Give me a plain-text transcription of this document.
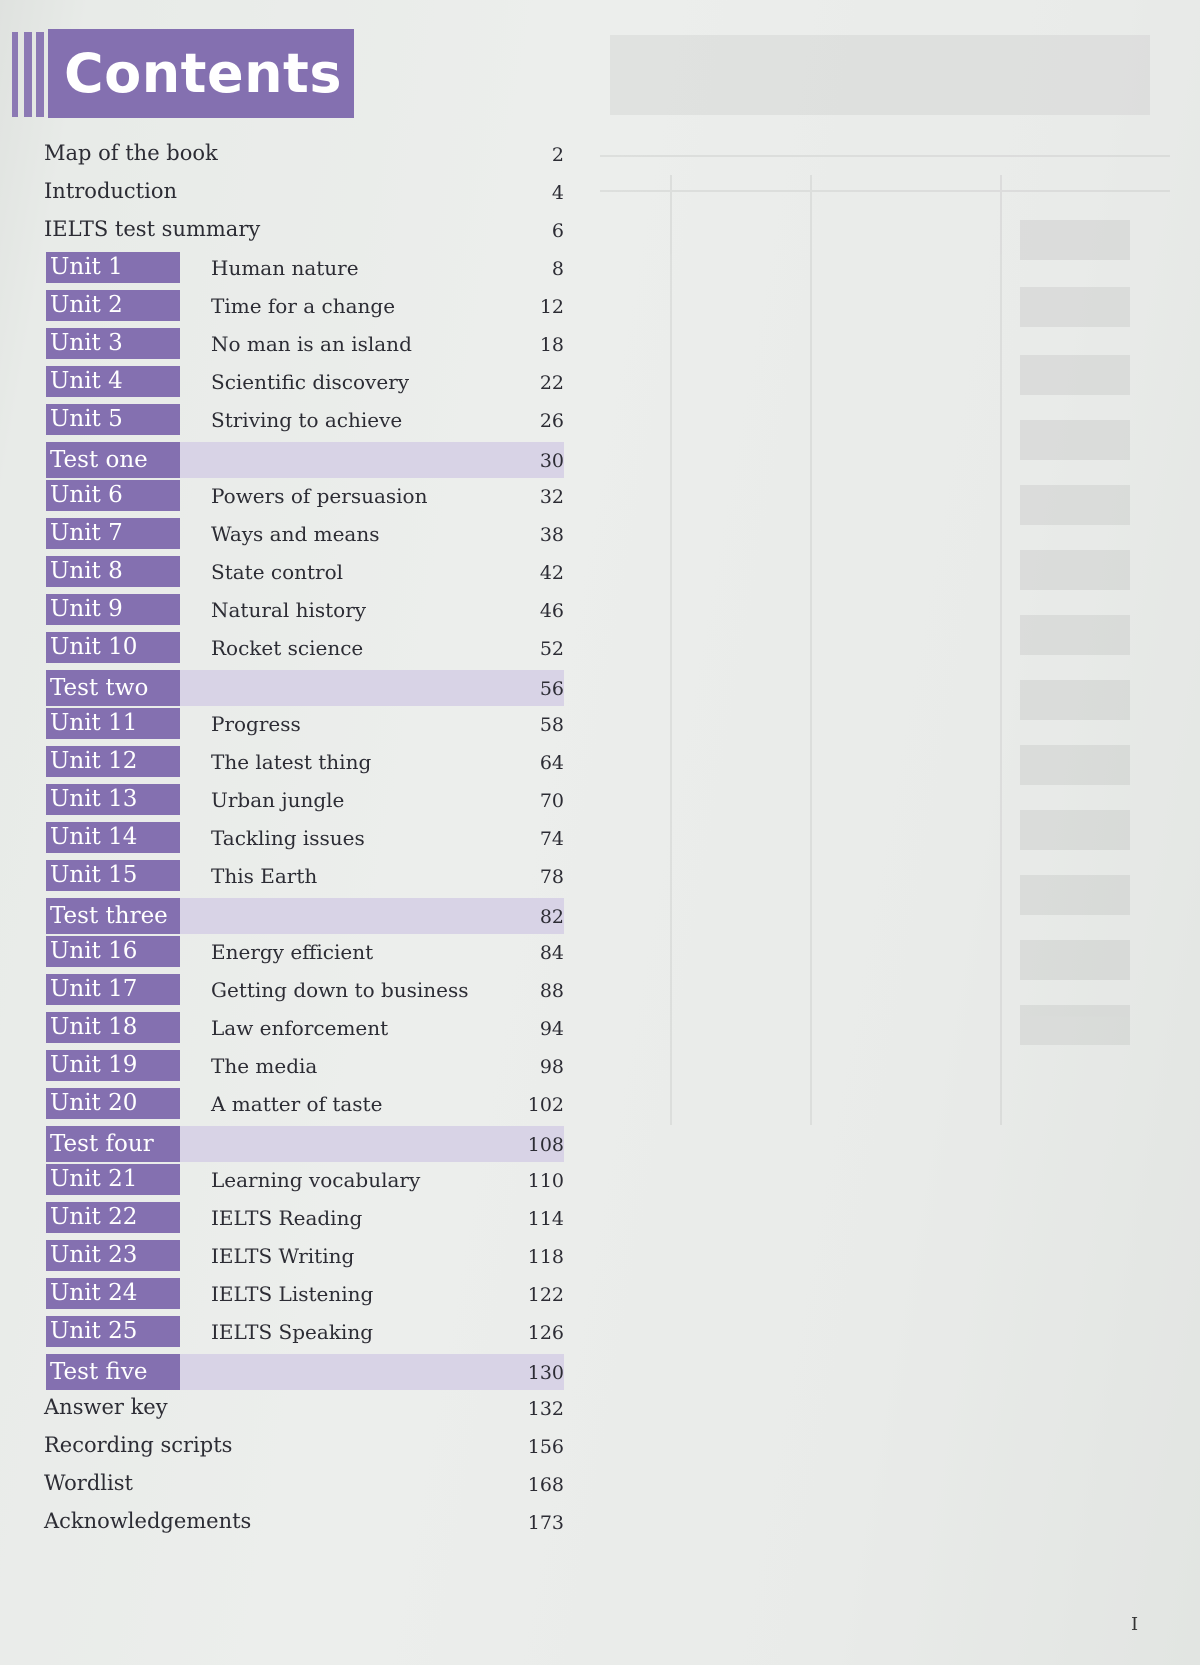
Contents
Map of the book	2
Introduction	4
IELTS test summary	6
Unit 1	Human nature	8
Unit 2	Time for a change	12
Unit 3	No man is an island	18
Unit 4	Scientific discovery	22
Unit 5	Striving to achieve	26
Test one	30
Unit 6	Powers of persuasion	32
Unit 7	Ways and means	38
Unit 8	State control	42
Unit 9	Natural history	46
Unit 10	Rocket science	52
Test two	56
Unit 11	Progress	58
Unit 12	The latest thing	64
Unit 13	Urban jungle	70
Unit 14	Tackling issues	74
Unit 15	This Earth	78
Test three	82
Unit 16	Energy efficient	84
Unit 17	Getting down to business	88
Unit 18	Law enforcement	94
Unit 19	The media	98
Unit 20	A matter of taste	102
Test four	108
Unit 21	Learning vocabulary	110
Unit 22	IELTS Reading	114
Unit 23	IELTS Writing	118
Unit 24	IELTS Listening	122
Unit 25	IELTS Speaking	126
Test five	130
Answer key	132
Recording scripts	156
Wordlist	168
Acknowledgements	173
I
